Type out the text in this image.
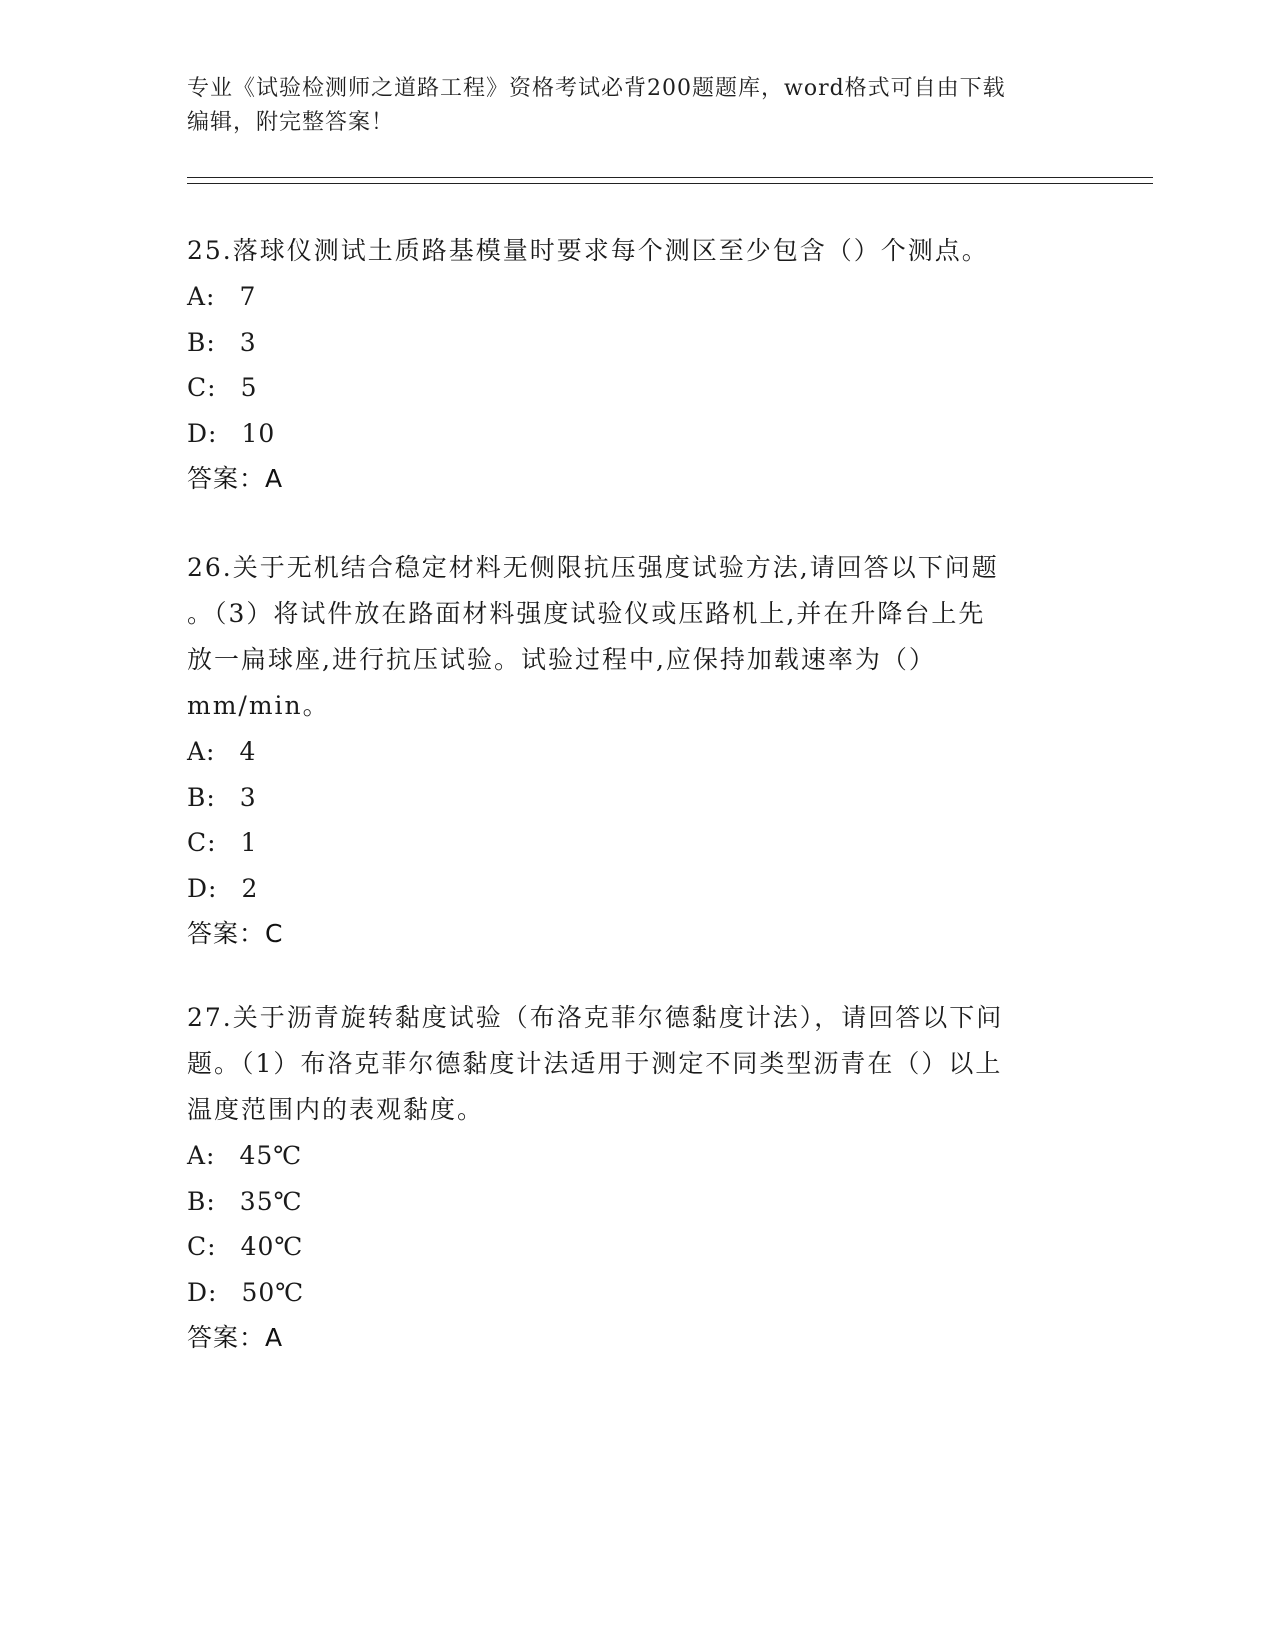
专业《试验检测师之道路工程》资格考试必背200题题库，word格式可自由下载
编辑，附完整答案！

25.落球仪测试土质路基模量时要求每个测区至少包含（）个测点。

A: 7

B: 3

C: 5

D: 10

答案：A

26.关于无机结合稳定材料无侧限抗压强度试验方法,请回答以下问题

。（3）将试件放在路面材料强度试验仪或压路机上,并在升降台上先

放一扁球座,进行抗压试验。试验过程中,应保持加载速率为（）

mm/min。

A: 4

B: 3

C: 1

D: 2

答案：C

27.关于沥青旋转黏度试验（布洛克菲尔德黏度计法），请回答以下问

题。（1）布洛克菲尔德黏度计法适用于测定不同类型沥青在（）以上

温度范围内的表观黏度。

A: 45℃

B: 35℃

C: 40℃

D: 50℃

答案：A
